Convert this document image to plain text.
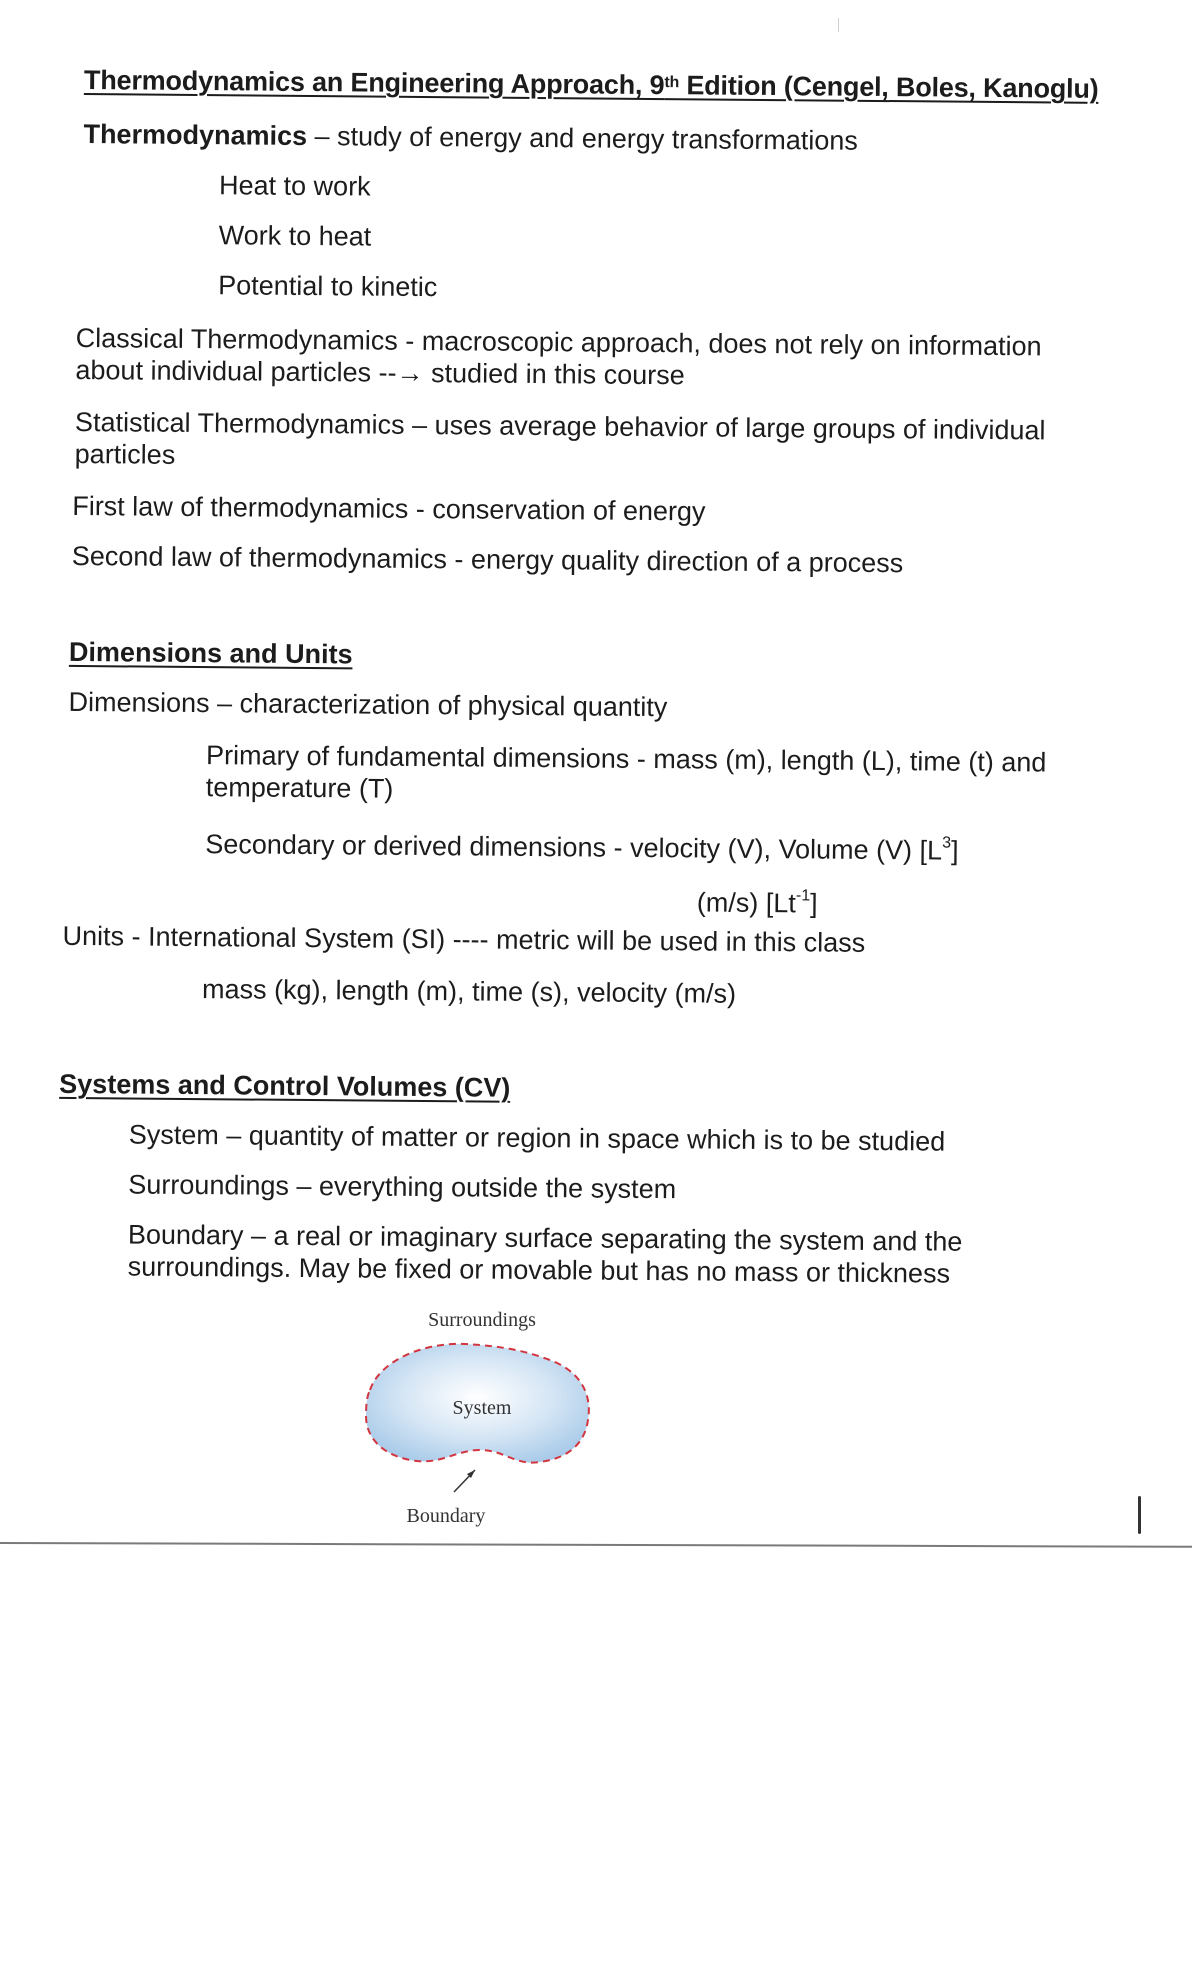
Thermodynamics an Engineering Approach, 9th Edition (Cengel, Boles, Kanoglu)
Thermodynamics – study of energy and energy transformations
Heat to work
Work to heat
Potential to kinetic
Classical Thermodynamics - macroscopic approach, does not rely on information
about individual particles --→ studied in this course
Statistical Thermodynamics – uses average behavior of large groups of individual
particles
First law of thermodynamics - conservation of energy
Second law of thermodynamics - energy quality direction of a process
Dimensions and Units
Dimensions – characterization of physical quantity
Primary of fundamental dimensions - mass (m), length (L), time (t) and
temperature (T)
Secondary or derived dimensions - velocity (V), Volume (V) $[L^3]$
(m/s) $[Lt^{-1}]$
Units - International System (SI) ---- metric will be used in this class
mass (kg), length (m), time (s), velocity (m/s)
Systems and Control Volumes (CV)
System – quantity of matter or region in space which is to be studied
Surroundings – everything outside the system
Boundary – a real or imaginary surface separating the system and the
surroundings. May be fixed or movable but has no mass or thickness
Surroundings
System
Boundary
